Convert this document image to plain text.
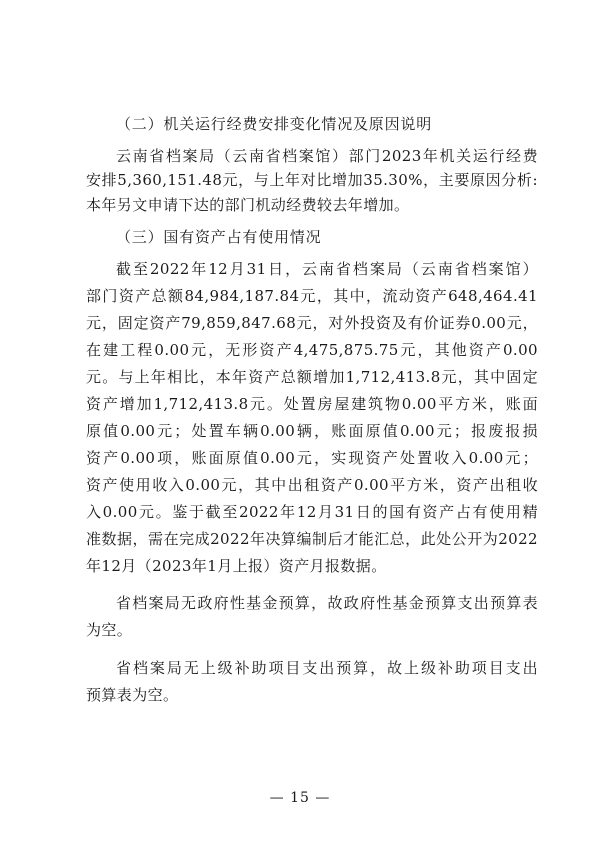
（二）机关运行经费安排变化情况及原因说明
云南省档案局（云南省档案馆）部门2023年机关运行经费
安排5,360,151.48元，与上年对比增加35.30%，主要原因分析:
本年另文申请下达的部门机动经费较去年增加。
（三）国有资产占有使用情况
截至2022年12月31日，云南省档案局（云南省档案馆）
部门资产总额84,984,187.84元，其中，流动资产648,464.41
元，固定资产79,859,847.68元，对外投资及有价证券0.00元，
在建工程0.00元，无形资产4,475,875.75元，其他资产0.00
元。与上年相比，本年资产总额增加1,712,413.8元，其中固定
资产增加1,712,413.8元。处置房屋建筑物0.00平方米，账面
原值0.00元；处置车辆0.00辆，账面原值0.00元；报废报损
资产0.00项，账面原值0.00元，实现资产处置收入0.00元；
资产使用收入0.00元，其中出租资产0.00平方米，资产出租收
入0.00元。鉴于截至2022年12月31日的国有资产占有使用精
准数据，需在完成2022年决算编制后才能汇总，此处公开为2022
年12月（2023年1月上报）资产月报数据。
省档案局无政府性基金预算，故政府性基金预算支出预算表
为空。
省档案局无上级补助项目支出预算，故上级补助项目支出
预算表为空。
— 15 —
